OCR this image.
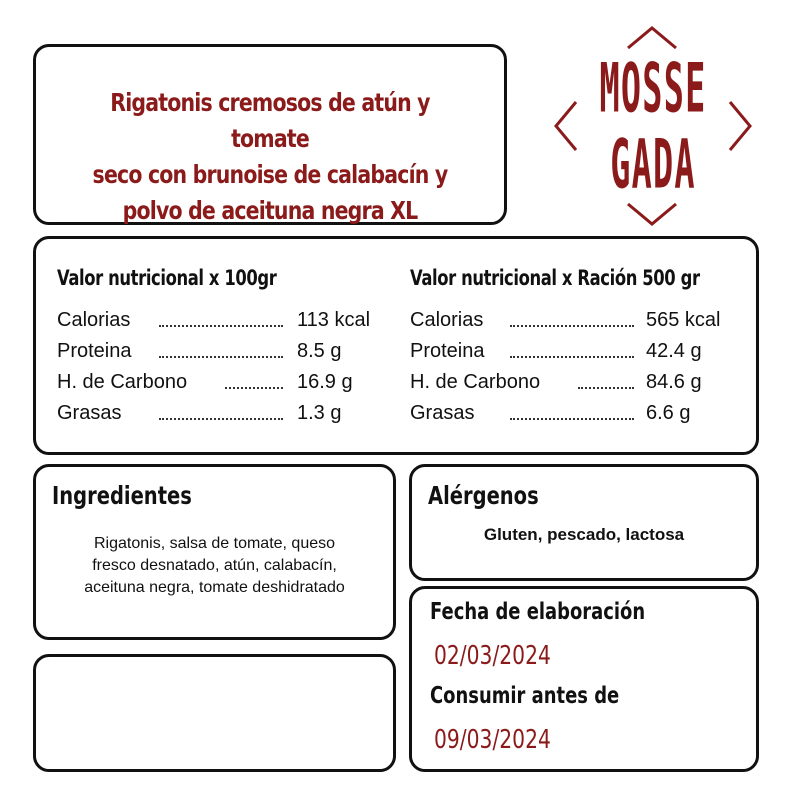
Rigatonis cremosos de atún y tomate
seco con brunoise de calabacín y
polvo de aceituna negra XL
MOSSE
GADA
Valor nutricional x 100gr
Calorias	113 kcal
Proteina	8.5 g
H. de Carbono	16.9 g
Grasas	1.3 g
Valor nutricional x Ración 500 gr
Calorias	565 kcal
Proteina	42.4 g
H. de Carbono	84.6 g
Grasas	6.6 g
Ingredientes
Rigatonis, salsa de tomate, queso
fresco desnatado, atún, calabacín,
aceituna negra, tomate deshidratado
Alérgenos
Gluten, pescado, lactosa
Fecha de elaboración
02/03/2024
Consumir antes de
09/03/2024
